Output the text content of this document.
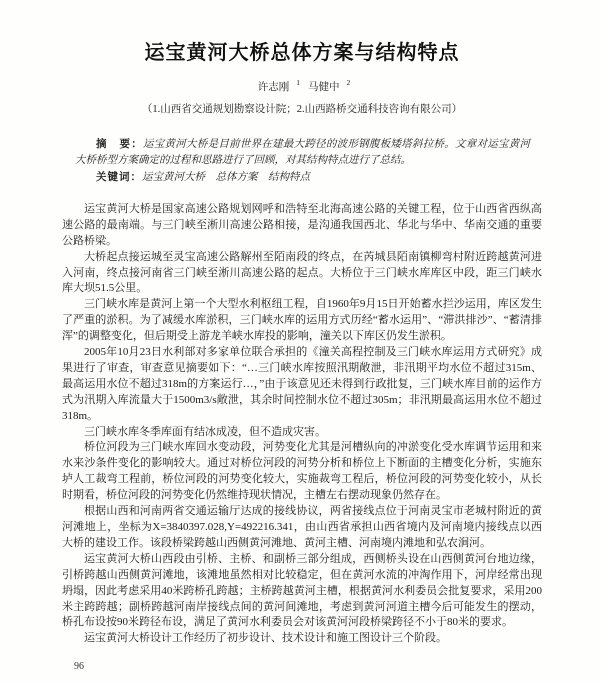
运宝黄河大桥总体方案与结构特点

许志刚 $^1$ 马健中 $^2$

（1.山西省交通规划勘察设计院；2.山西路桥交通科技咨询有限公司）

摘　要：运宝黄河大桥是目前世界在建最大跨径的波形钢腹板矮塔斜拉桥。文章对运宝黄河大桥桥型方案确定的过程和思路进行了回顾，对其结构特点进行了总结。

关键词：运宝黄河大桥　总体方案　结构特点

运宝黄河大桥是国家高速公路规划网呼和浩特至北海高速公路的关键工程，位于山西省西纵高速公路的最南端。与三门峡至淅川高速公路相接，是沟通我国西北、华北与华中、华南交通的重要公路桥梁。

大桥起点接运城至灵宝高速公路解州至陌南段的终点，在芮城县陌南镇柳弯村附近跨越黄河进入河南，终点接河南省三门峡至淅川高速公路的起点。大桥位于三门峡水库库区中段，距三门峡水库大坝51.5公里。

三门峡水库是黄河上第一个大型水利枢纽工程，自1960年9月15日开始蓄水拦沙运用，库区发生了严重的淤积。为了减缓水库淤积，三门峡水库的运用方式历经“蓄水运用”、“滞洪排沙”、“蓄清排浑”的调整变化，但后期受上游龙羊峡水库投的影响，潼关以下库区仍发生淤积。

2005年10月23日水利部对多家单位联合承担的《潼关高程控制及三门峡水库运用方式研究》成果进行了审查，审查意见摘要如下：“…三门峡水库按照汛期敞泄，非汛期平均水位不超过315m、最高运用水位不超过318m的方案运行…，”由于该意见还未得到行政批复，三门峡水库目前的运作方式为汛期入库流量大于1500m3/s敞泄，其余时间控制水位不超过305m；非汛期最高运用水位不超过318m。

三门峡水库冬季库面有结冰成凌，但不造成灾害。

桥位河段为三门峡水库回水变动段，河势变化尤其是河槽纵向的冲淤变化受水库调节运用和来水来沙条件变化的影响较大。通过对桥位河段的河势分析和桥位上下断面的主槽变化分析，实施东垆人工裁弯工程前，桥位河段的河势变化较大，实施裁弯工程后，桥位河段的河势变化较小，从长时期看，桥位河段的河势变化仍然维持现状情况，主槽左右摆动现象仍然存在。

根据山西和河南两省交通运输厅达成的接线协议，两省接线点位于河南灵宝市老城村附近的黄河滩地上，坐标为X=3840397.028,Y=492216.341，由山西省承担山西省境内及河南境内接线点以西大桥的建设工作。该段桥梁跨越山西侧黄河滩地、黄河主槽、河南境内滩地和弘农涧河。

运宝黄河大桥山西段由引桥、主桥、和副桥三部分组成，西侧桥头设在山西侧黄河台地边缘，引桥跨越山西侧黄河滩地，该滩地虽然相对比较稳定，但在黄河水流的冲淘作用下，河岸经常出现坍塌，因此考虑采用40米跨桥孔跨越；主桥跨越黄河主槽，根据黄河水利委员会批复要求，采用200米主跨跨越；副桥跨越河南岸接线点间的黄河间滩地，考虑到黄河河道主槽今后可能发生的摆动，桥孔布设按90米跨径布设，满足了黄河水利委员会对该黄河河段桥梁跨径不小于80米的要求。

运宝黄河大桥设计工作经历了初步设计、技术设计和施工图设计三个阶段。

96
